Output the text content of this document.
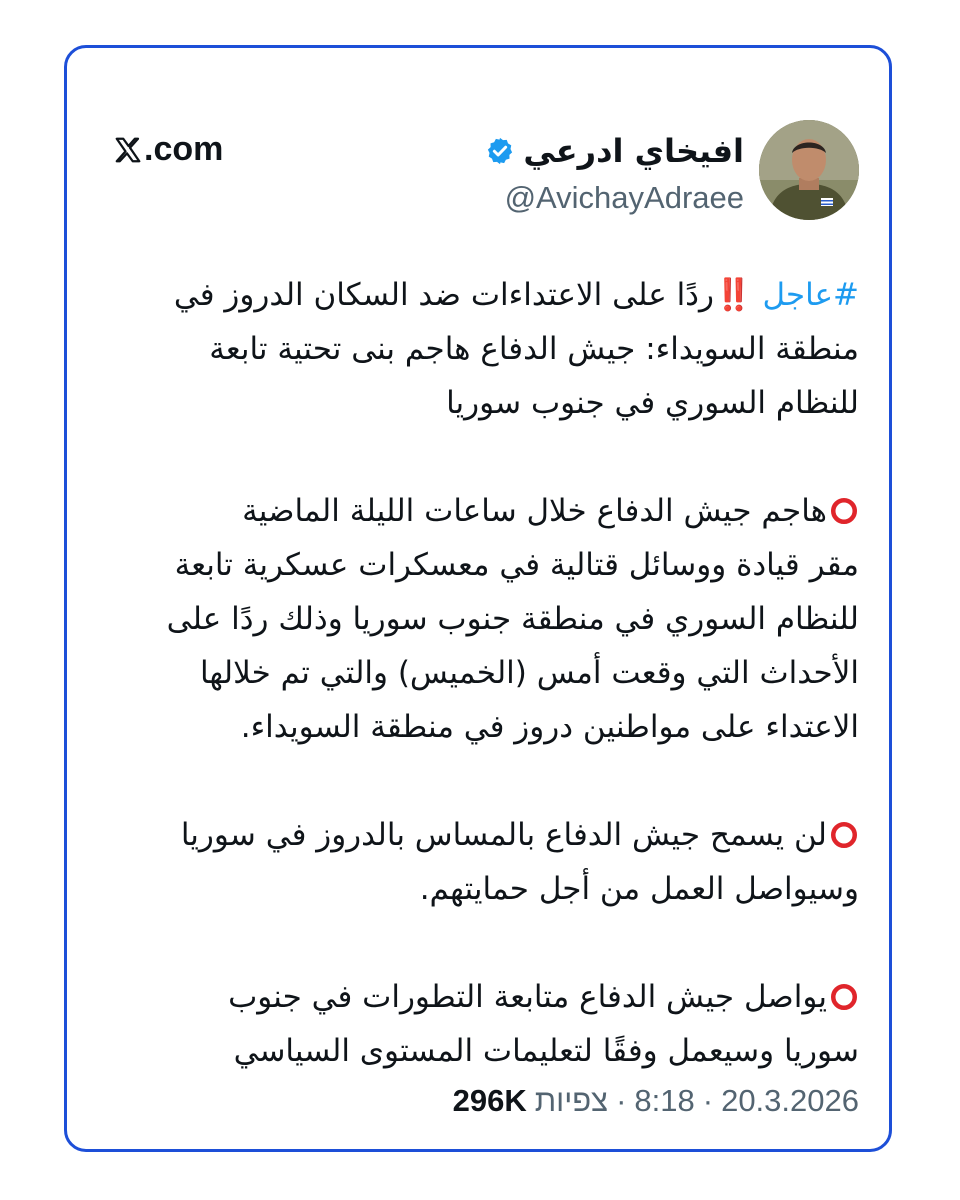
افيخاي ادرعي
@AvichayAdraee
.com

#عاجل ‼️ردًا على الاعتداءات ضد السكان الدروز في
منطقة السويداء: جيش الدفاع هاجم بنى تحتية تابعة
للنظام السوري في جنوب سوريا

هاجم جيش الدفاع خلال ساعات الليلة الماضية
مقر قيادة ووسائل قتالية في معسكرات عسكرية تابعة
للنظام السوري في منطقة جنوب سوريا وذلك ردًا على
الأحداث التي وقعت أمس (الخميس) والتي تم خلالها
الاعتداء على مواطنين دروز في منطقة السويداء.

لن يسمح جيش الدفاع بالمساس بالدروز في سوريا
وسيواصل العمل من أجل حمايتهم.

يواصل جيش الدفاع متابعة التطورات في جنوب
سوريا وسيعمل وفقًا لتعليمات المستوى السياسي

20.3.2026
·
8:18
·
צפיות
296K
